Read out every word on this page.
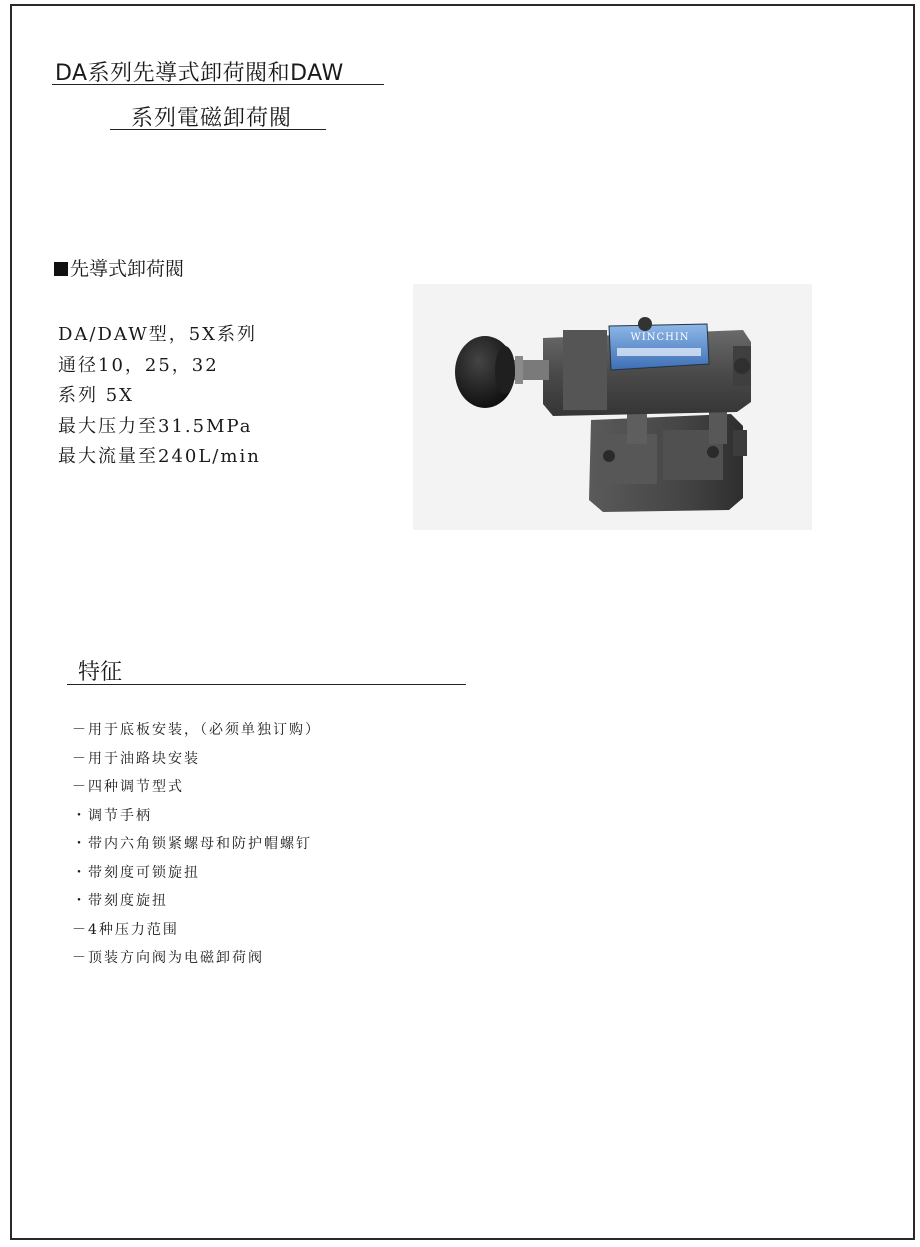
DA系列先導式卸荷閥和DAW
系列電磁卸荷閥
先導式卸荷閥
DA/DAW型，5X系列
通径10，25，32
系列 5X
最大压力至31.5MPa
最大流量至240L/min
WINCHIN
特征
－用于底板安装，（必须单独订购）
－用于油路块安装
－四种调节型式
・调节手柄
・带内六角锁紧螺母和防护帽螺钉
・带刻度可锁旋扭
・带刻度旋扭
－4种压力范围
－顶装方向阀为电磁卸荷阀
